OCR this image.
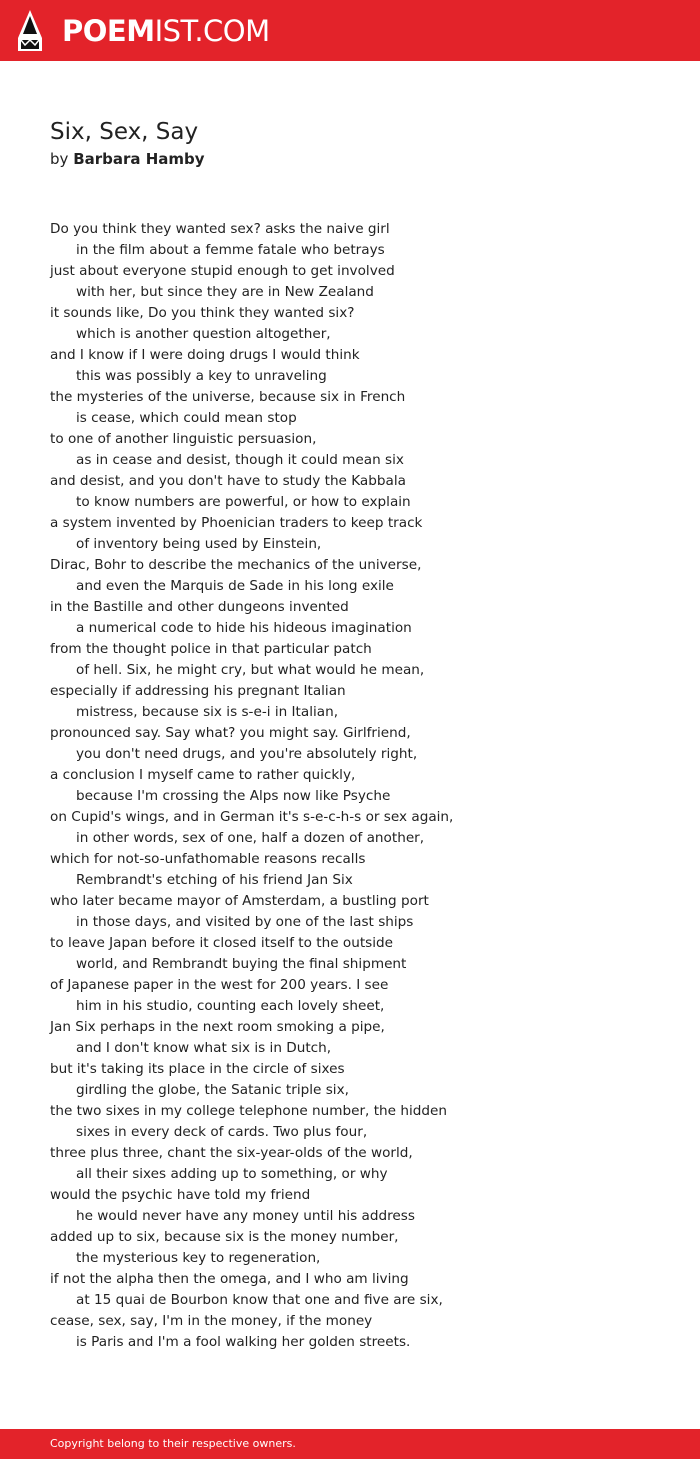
POEMIST.COM
Six, Sex, Say
by Barbara Hamby
Do you think they wanted sex? asks the naive girl
in the film about a femme fatale who betrays
just about everyone stupid enough to get involved
with her, but since they are in New Zealand
it sounds like, Do you think they wanted six?
which is another question altogether,
and I know if I were doing drugs I would think
this was possibly a key to unraveling
the mysteries of the universe, because six in French
is cease, which could mean stop
to one of another linguistic persuasion,
as in cease and desist, though it could mean six
and desist, and you don't have to study the Kabbala
to know numbers are powerful, or how to explain
a system invented by Phoenician traders to keep track
of inventory being used by Einstein,
Dirac, Bohr to describe the mechanics of the universe,
and even the Marquis de Sade in his long exile
in the Bastille and other dungeons invented
a numerical code to hide his hideous imagination
from the thought police in that particular patch
of hell. Six, he might cry, but what would he mean,
especially if addressing his pregnant Italian
mistress, because six is s-e-i in Italian,
pronounced say. Say what? you might say. Girlfriend,
you don't need drugs, and you're absolutely right,
a conclusion I myself came to rather quickly,
because I'm crossing the Alps now like Psyche
on Cupid's wings, and in German it's s-e-c-h-s or sex again,
in other words, sex of one, half a dozen of another,
which for not-so-unfathomable reasons recalls
Rembrandt's etching of his friend Jan Six
who later became mayor of Amsterdam, a bustling port
in those days, and visited by one of the last ships
to leave Japan before it closed itself to the outside
world, and Rembrandt buying the final shipment
of Japanese paper in the west for 200 years. I see
him in his studio, counting each lovely sheet,
Jan Six perhaps in the next room smoking a pipe,
and I don't know what six is in Dutch,
but it's taking its place in the circle of sixes
girdling the globe, the Satanic triple six,
the two sixes in my college telephone number, the hidden
sixes in every deck of cards. Two plus four,
three plus three, chant the six-year-olds of the world,
all their sixes adding up to something, or why
would the psychic have told my friend
he would never have any money until his address
added up to six, because six is the money number,
the mysterious key to regeneration,
if not the alpha then the omega, and I who am living
at 15 quai de Bourbon know that one and five are six,
cease, sex, say, I'm in the money, if the money
is Paris and I'm a fool walking her golden streets.
Copyright belong to their respective owners.
